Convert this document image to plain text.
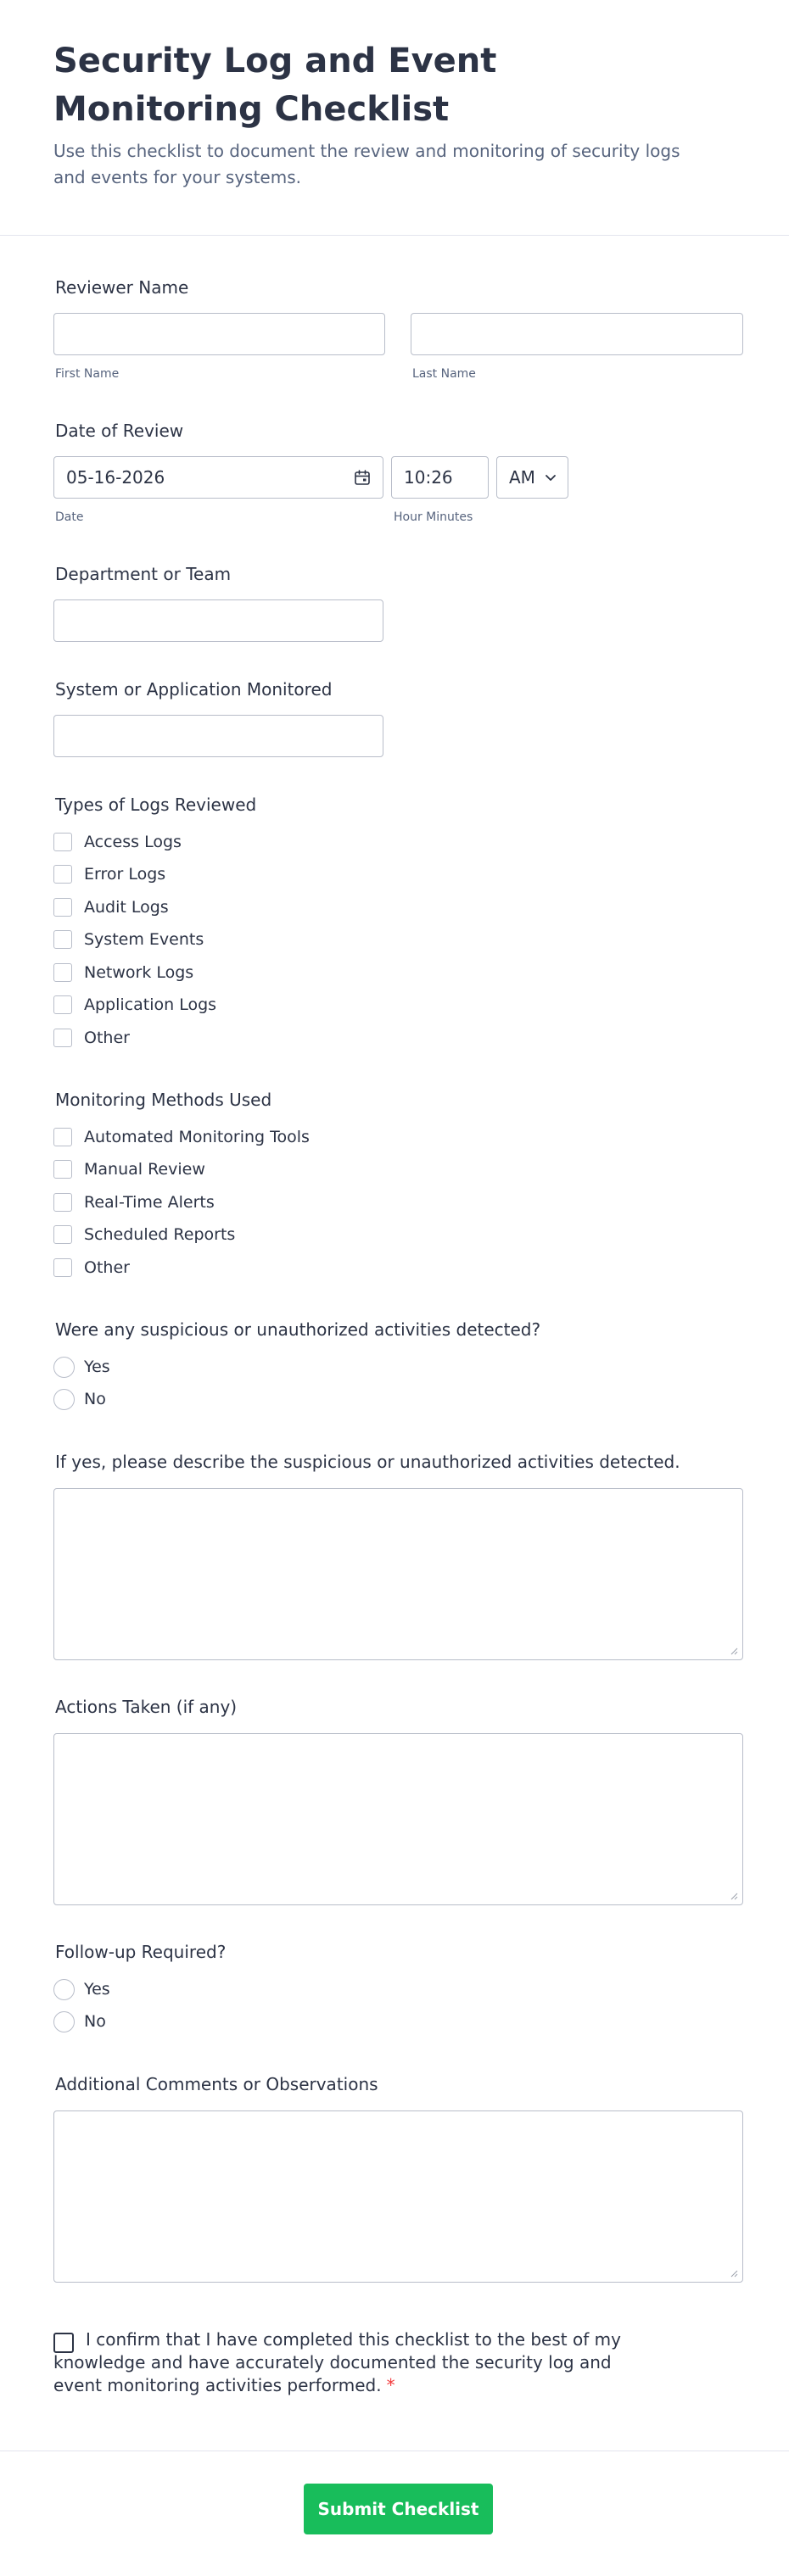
Security Log and Event Monitoring Checklist

Use this checklist to document the review and monitoring of security logs and events for your systems.

Reviewer Name
First Name	Last Name
Date of Review
05-16-2026	10:26	AM
Date	Hour Minutes
Department or Team
System or Application Monitored
Types of Logs Reviewed
Access Logs
Error Logs
Audit Logs
System Events
Network Logs
Application Logs
Other
Monitoring Methods Used
Automated Monitoring Tools
Manual Review
Real-Time Alerts
Scheduled Reports
Other
Were any suspicious or unauthorized activities detected?
Yes
No
If yes, please describe the suspicious or unauthorized activities detected.
Actions Taken (if any)
Follow-up Required?
Yes
No
Additional Comments or Observations
I confirm that I have completed this checklist to the best of my knowledge and have accurately documented the security log and event monitoring activities performed. *
Submit Checklist
